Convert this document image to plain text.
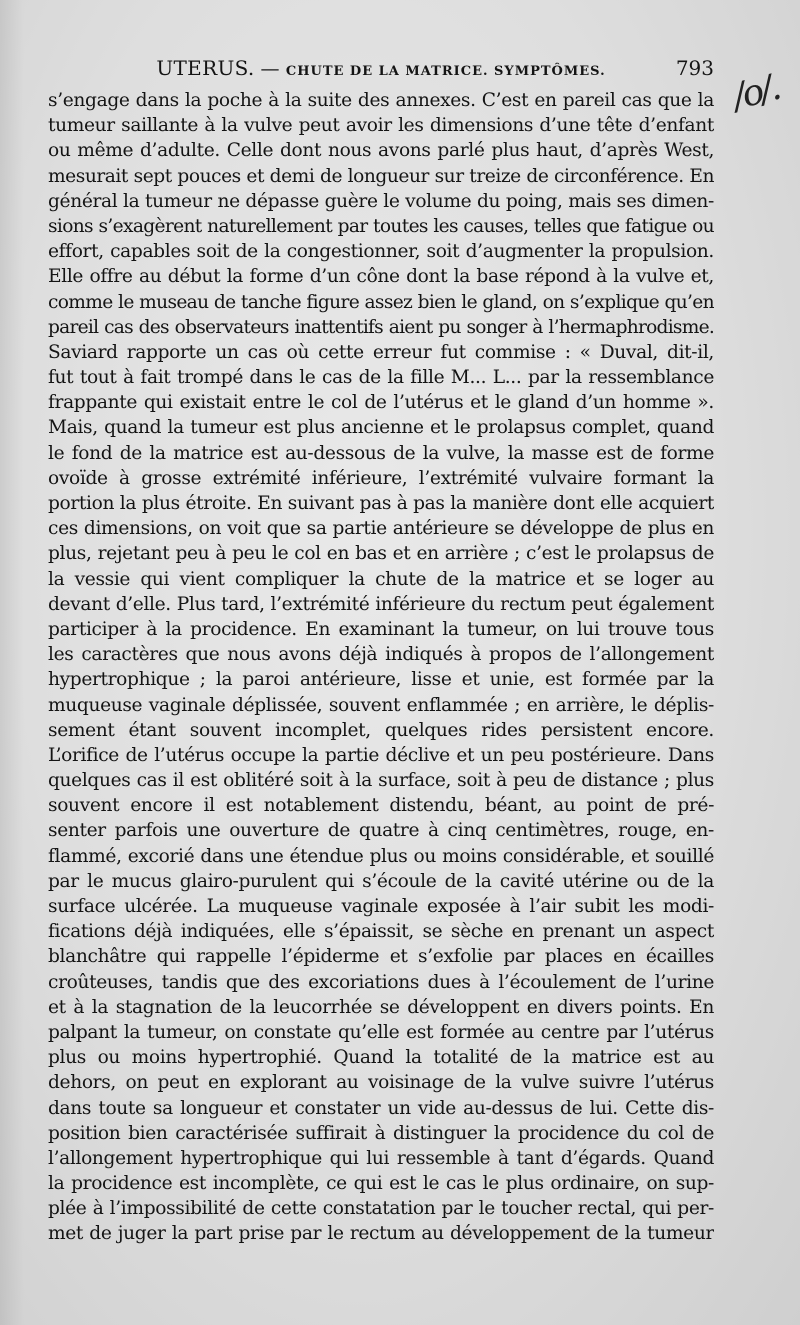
UTERUS. — CHUTE DE LA MATRICE. SYMPTÔMES.	793 /o/.
s’engage dans la poche à la suite des annexes. C’est en pareil cas que la
tumeur saillante à la vulve peut avoir les dimensions d’une tête d’enfant
ou même d’adulte. Celle dont nous avons parlé plus haut, d’après West,
mesurait sept pouces et demi de longueur sur treize de circonférence. En
général la tumeur ne dépasse guère le volume du poing, mais ses dimen-
sions s’exagèrent naturellement par toutes les causes, telles que fatigue ou
effort, capables soit de la congestionner, soit d’augmenter la propulsion.
Elle offre au début la forme d’un cône dont la base répond à la vulve et,
comme le museau de tanche figure assez bien le gland, on s’explique qu’en
pareil cas des observateurs inattentifs aient pu songer à l’hermaphrodisme.
Saviard rapporte un cas où cette erreur fut commise : « Duval, dit-il,
fut tout à fait trompé dans le cas de la fille M... L... par la ressemblance
frappante qui existait entre le col de l’utérus et le gland d’un homme ».
Mais, quand la tumeur est plus ancienne et le prolapsus complet, quand
le fond de la matrice est au-dessous de la vulve, la masse est de forme
ovoïde à grosse extrémité inférieure, l’extrémité vulvaire formant la
portion la plus étroite. En suivant pas à pas la manière dont elle acquiert
ces dimensions, on voit que sa partie antérieure se développe de plus en
plus, rejetant peu à peu le col en bas et en arrière ; c’est le prolapsus de
la vessie qui vient compliquer la chute de la matrice et se loger au
devant d’elle. Plus tard, l’extrémité inférieure du rectum peut également
participer à la procidence. En examinant la tumeur, on lui trouve tous
les caractères que nous avons déjà indiqués à propos de l’allongement
hypertrophique ; la paroi antérieure, lisse et unie, est formée par la
muqueuse vaginale déplissée, souvent enflammée ; en arrière, le déplis-
sement étant souvent incomplet, quelques rides persistent encore.
L’orifice de l’utérus occupe la partie déclive et un peu postérieure. Dans
quelques cas il est oblitéré soit à la surface, soit à peu de distance ; plus
souvent encore il est notablement distendu, béant, au point de pré-
senter parfois une ouverture de quatre à cinq centimètres, rouge, en-
flammé, excorié dans une étendue plus ou moins considérable, et souillé
par le mucus glairo-purulent qui s’écoule de la cavité utérine ou de la
surface ulcérée. La muqueuse vaginale exposée à l’air subit les modi-
fications déjà indiquées, elle s’épaissit, se sèche en prenant un aspect
blanchâtre qui rappelle l’épiderme et s’exfolie par places en écailles
croûteuses, tandis que des excoriations dues à l’écoulement de l’urine
et à la stagnation de la leucorrhée se développent en divers points. En
palpant la tumeur, on constate qu’elle est formée au centre par l’utérus
plus ou moins hypertrophié. Quand la totalité de la matrice est au
dehors, on peut en explorant au voisinage de la vulve suivre l’utérus
dans toute sa longueur et constater un vide au-dessus de lui. Cette dis-
position bien caractérisée suffirait à distinguer la procidence du col de
l’allongement hypertrophique qui lui ressemble à tant d’égards. Quand
la procidence est incomplète, ce qui est le cas le plus ordinaire, on sup-
plée à l’impossibilité de cette constatation par le toucher rectal, qui per-
met de juger la part prise par le rectum au développement de la tumeur
